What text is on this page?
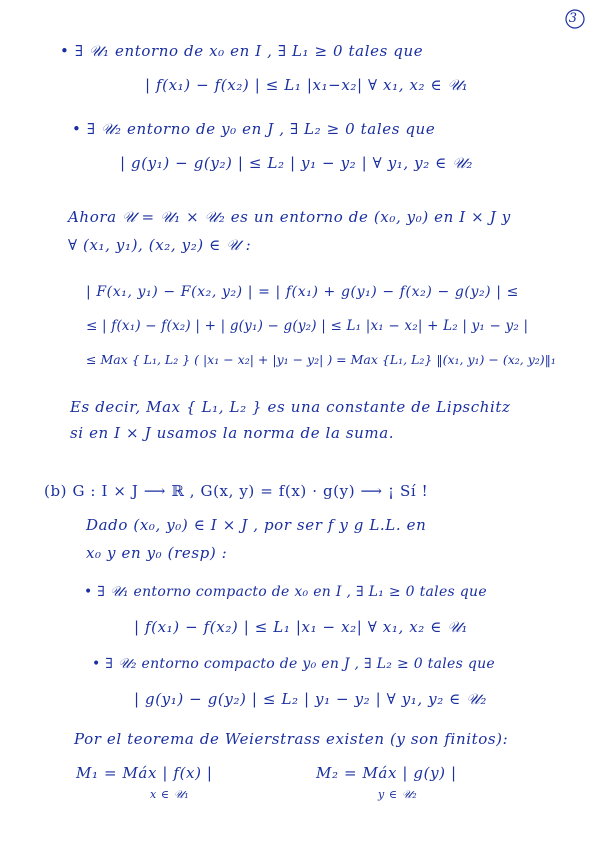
3
• ∃ 𝒰₁ entorno de x₀ en I , ∃ L₁ ≥ 0 tales que
| f(x₁) − f(x₂) | ≤ L₁ |x₁−x₂| ∀ x₁, x₂ ∈ 𝒰₁
• ∃ 𝒰₂ entorno de y₀ en J , ∃ L₂ ≥ 0 tales que
| g(y₁) − g(y₂) | ≤ L₂ | y₁ − y₂ | ∀ y₁, y₂ ∈ 𝒰₂
Ahora 𝒰 = 𝒰₁ × 𝒰₂ es un entorno de (x₀, y₀) en I × J y
∀ (x₁, y₁), (x₂, y₂) ∈ 𝒰 :
| F(x₁, y₁) − F(x₂, y₂) | = | f(x₁) + g(y₁) − f(x₂) − g(y₂) | ≤
≤ | f(x₁) − f(x₂) | + | g(y₁) − g(y₂) | ≤ L₁ |x₁ − x₂| + L₂ | y₁ − y₂ |
≤ Max { L₁, L₂ } ( |x₁ − x₂| + |y₁ − y₂| ) = Max {L₁, L₂} ‖(x₁, y₁) − (x₂, y₂)‖₁
Es decir, Max { L₁, L₂ } es una constante de Lipschitz
si en I × J usamos la norma de la suma.
(b) G : I × J ⟶ ℝ , G(x, y) = f(x) · g(y) ⟶ ¡ Sí !
Dado (x₀, y₀) ∈ I × J , por ser f y g L.L. en
x₀ y en y₀ (resp) :
• ∃ 𝒰₁ entorno compacto de x₀ en I , ∃ L₁ ≥ 0 tales que
| f(x₁) − f(x₂) | ≤ L₁ |x₁ − x₂| ∀ x₁, x₂ ∈ 𝒰₁
• ∃ 𝒰₂ entorno compacto de y₀ en J , ∃ L₂ ≥ 0 tales que
| g(y₁) − g(y₂) | ≤ L₂ | y₁ − y₂ | ∀ y₁, y₂ ∈ 𝒰₂
Por el teorema de Weierstrass existen (y son finitos):
M₁ = Máx | f(x) |
x ∈ 𝒰₁
M₂ = Máx | g(y) |
y ∈ 𝒰₂
